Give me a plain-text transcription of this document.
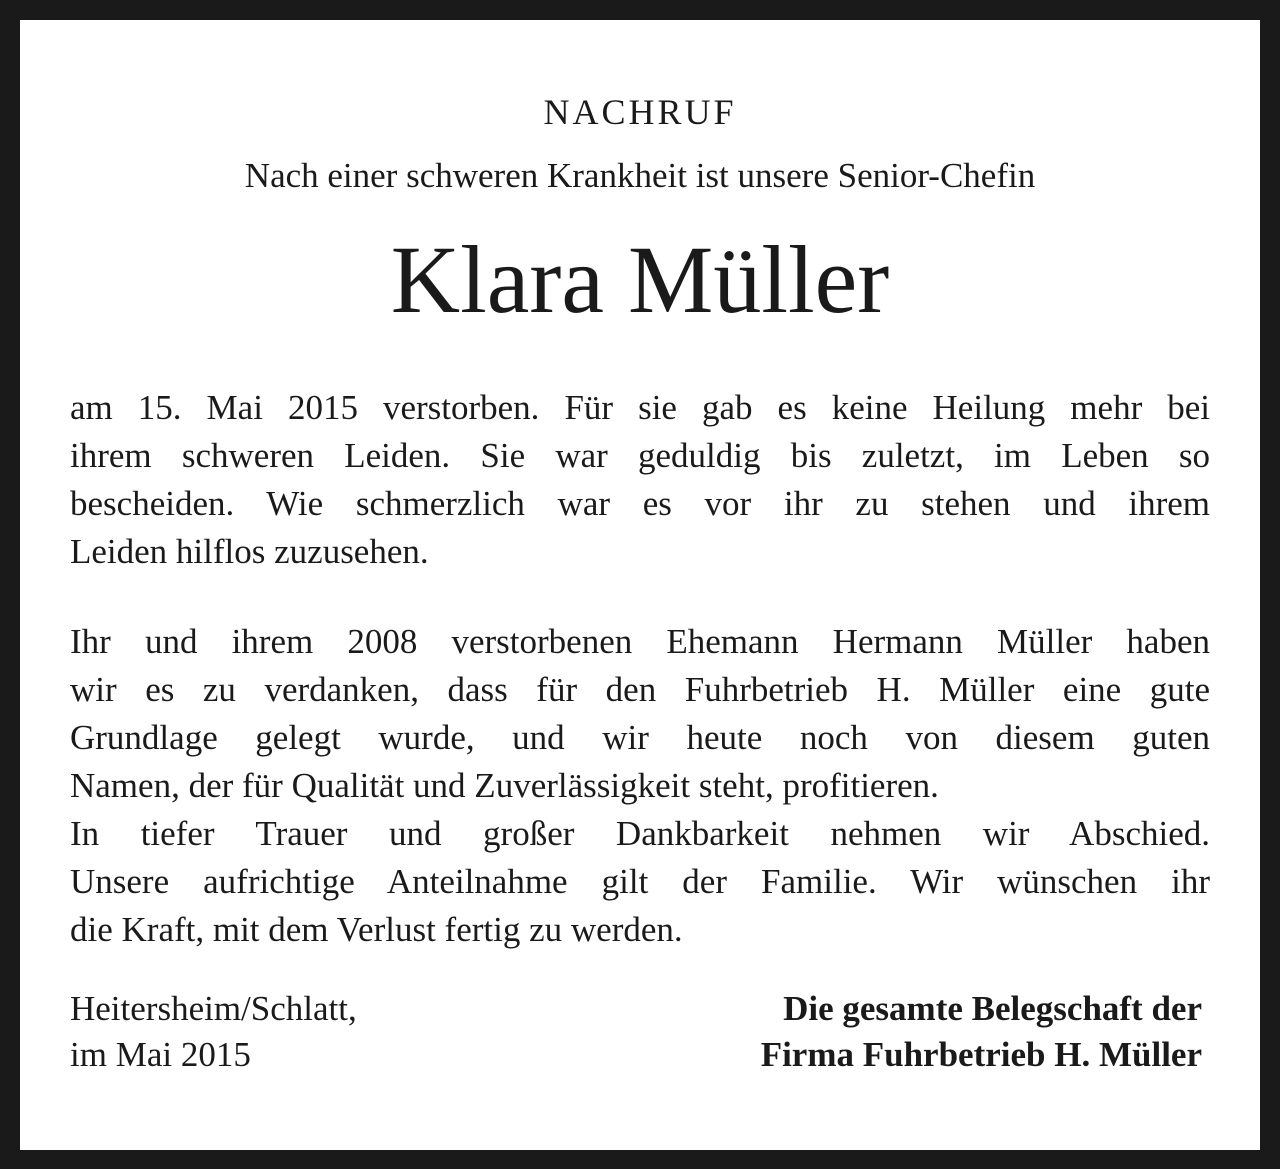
NACHRUF
Nach einer schweren Krankheit ist unsere Senior-Chefin
Klara Müller
am 15. Mai 2015 verstorben. Für sie gab es keine Heilung mehr bei
ihrem schweren Leiden. Sie war geduldig bis zuletzt, im Leben so
bescheiden. Wie schmerzlich war es vor ihr zu stehen und ihrem
Leiden hilflos zuzusehen.
Ihr und ihrem 2008 verstorbenen Ehemann Hermann Müller haben
wir es zu verdanken, dass für den Fuhrbetrieb H. Müller eine gute
Grundlage gelegt wurde, und wir heute noch von diesem guten
Namen, der für Qualität und Zuverlässigkeit steht, profitieren.
In tiefer Trauer und großer Dankbarkeit nehmen wir Abschied.
Unsere aufrichtige Anteilnahme gilt der Familie. Wir wünschen ihr
die Kraft, mit dem Verlust fertig zu werden.
Heitersheim/Schlatt,
im Mai 2015
Die gesamte Belegschaft der
Firma Fuhrbetrieb H. Müller
